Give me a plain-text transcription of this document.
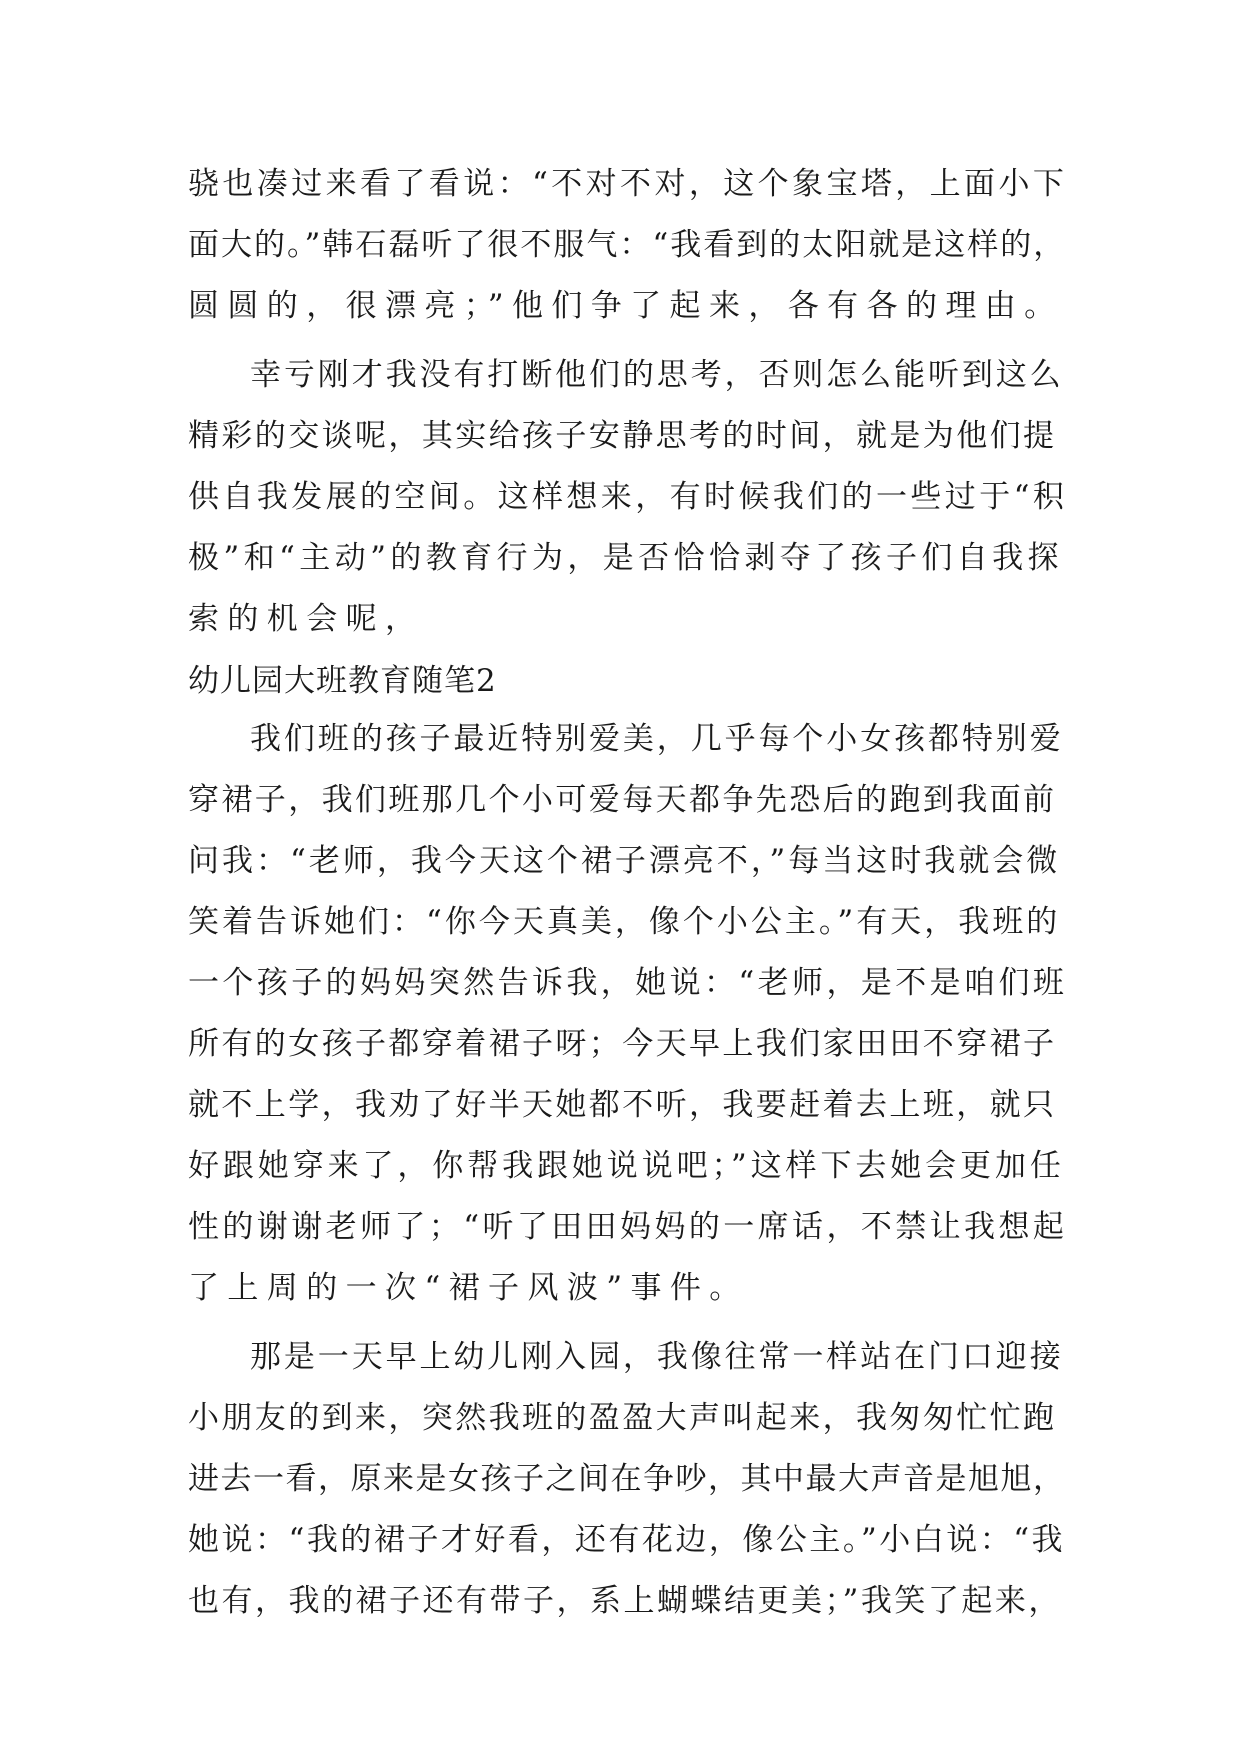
骁也凑过来看了看说：“不对不对，这个象宝塔，上面小下
面大的。”韩石磊听了很不服气：“我看到的太阳就是这样的，
圆圆的，很漂亮；”他们争了起来，各有各的理由。
幸亏刚才我没有打断他们的思考，否则怎么能听到这么
精彩的交谈呢，其实给孩子安静思考的时间，就是为他们提
供自我发展的空间。这样想来，有时候我们的一些过于“积
极”和“主动”的教育行为，是否恰恰剥夺了孩子们自我探
索的机会呢，
幼儿园大班教育随笔2
我们班的孩子最近特别爱美，几乎每个小女孩都特别爱
穿裙子，我们班那几个小可爱每天都争先恐后的跑到我面前
问我：“老师，我今天这个裙子漂亮不，”每当这时我就会微
笑着告诉她们：“你今天真美，像个小公主。”有天，我班的
一个孩子的妈妈突然告诉我，她说：“老师，是不是咱们班
所有的女孩子都穿着裙子呀；今天早上我们家田田不穿裙子
就不上学，我劝了好半天她都不听，我要赶着去上班，就只
好跟她穿来了，你帮我跟她说说吧；”这样下去她会更加任
性的谢谢老师了；“听了田田妈妈的一席话，不禁让我想起
了上周的一次“裙子风波”事件。
那是一天早上幼儿刚入园，我像往常一样站在门口迎接
小朋友的到来，突然我班的盈盈大声叫起来，我匆匆忙忙跑
进去一看，原来是女孩子之间在争吵，其中最大声音是旭旭，
她说：“我的裙子才好看，还有花边，像公主。”小白说：“我
也有，我的裙子还有带子，系上蝴蝶结更美；”我笑了起来，
